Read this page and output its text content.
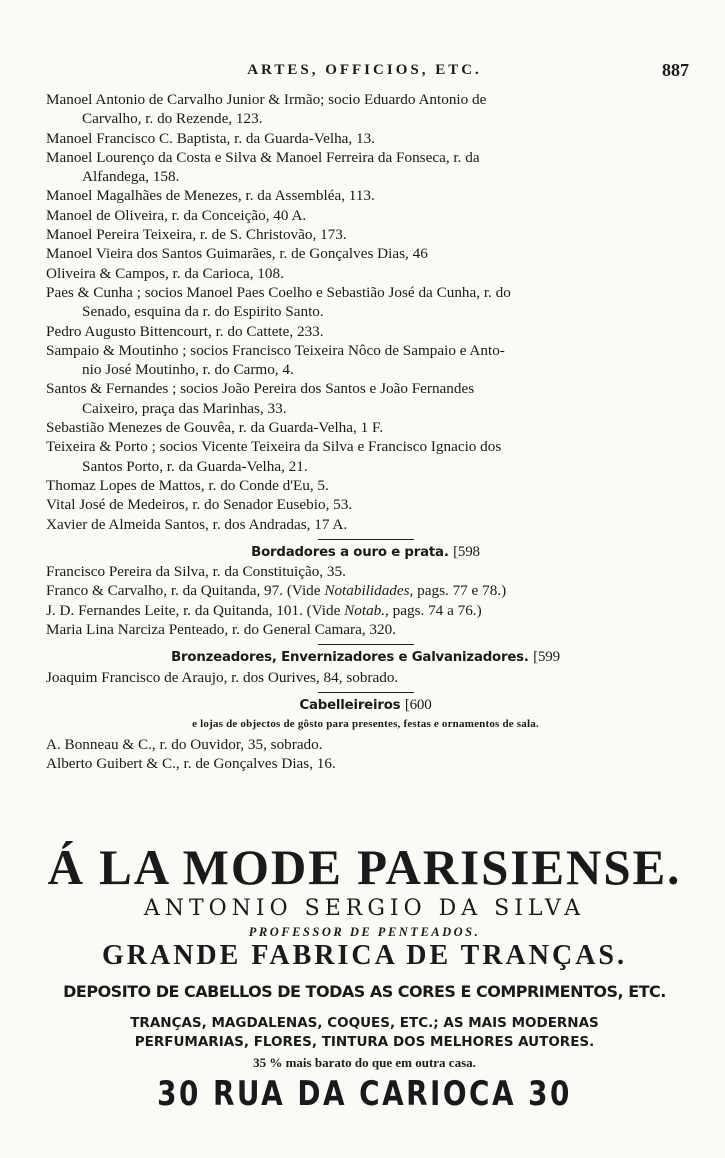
ARTES, OFFICIOS, ETC.	887
Manoel Antonio de Carvalho Junior & Irmão; socio Eduardo Antonio de
Carvalho, r. do Rezende, 123.
Manoel Francisco C. Baptista, r. da Guarda-Velha, 13.
Manoel Lourenço da Costa e Silva & Manoel Ferreira da Fonseca, r. da
Alfandega, 158.
Manoel Magalhães de Menezes, r. da Assembléa, 113.
Manoel de Oliveira, r. da Conceição, 40 A.
Manoel Pereira Teixeira, r. de S. Christovão, 173.
Manoel Vieira dos Santos Guimarães, r. de Gonçalves Dias, 46
Oliveira & Campos, r. da Carioca, 108.
Paes & Cunha ; socios Manoel Paes Coelho e Sebastião José da Cunha, r. do
Senado, esquina da r. do Espirito Santo.
Pedro Augusto Bittencourt, r. do Cattete, 233.
Sampaio & Moutinho ; socios Francisco Teixeira Nôco de Sampaio e Anto-
nio José Moutinho, r. do Carmo, 4.
Santos & Fernandes ; socios João Pereira dos Santos e João Fernandes
Caixeiro, praça das Marinhas, 33.
Sebastião Menezes de Gouvêa, r. da Guarda-Velha, 1 F.
Teixeira & Porto ; socios Vicente Teixeira da Silva e Francisco Ignacio dos
Santos Porto, r. da Guarda-Velha, 21.
Thomaz Lopes de Mattos, r. do Conde d'Eu, 5.
Vital José de Medeiros, r. do Senador Eusebio, 53.
Xavier de Almeida Santos, r. dos Andradas, 17 A.
Bordadores a ouro e prata. [598
Francisco Pereira da Silva, r. da Constituição, 35.
Franco & Carvalho, r. da Quitanda, 97. (Vide Notabilidades, pags. 77 e 78.)
J. D. Fernandes Leite, r. da Quitanda, 101. (Vide Notab., pags. 74 a 76.)
Maria Lina Narciza Penteado, r. do General Camara, 320.
Bronzeadores, Envernizadores e Galvanizadores. [599
Joaquim Francisco de Araujo, r. dos Ourives, 84, sobrado.
Cabelleireiros [600
e lojas de objectos de gôsto para presentes, festas e ornamentos de sala.
A. Bonneau & C., r. do Ouvidor, 35, sobrado.
Alberto Guibert & C., r. de Gonçalves Dias, 16.
Á LA MODE PARISIENSE.
ANTONIO SERGIO DA SILVA
PROFESSOR DE PENTEADOS.
GRANDE FABRICA DE TRANÇAS.
DEPOSITO DE CABELLOS DE TODAS AS CORES E COMPRIMENTOS, ETC.
TRANÇAS, MAGDALENAS, COQUES, ETC.; AS MAIS MODERNAS
PERFUMARIAS, FLORES, TINTURA DOS MELHORES AUTORES.
35 % mais barato do que em outra casa.
30 RUA DA CARIOCA 30
